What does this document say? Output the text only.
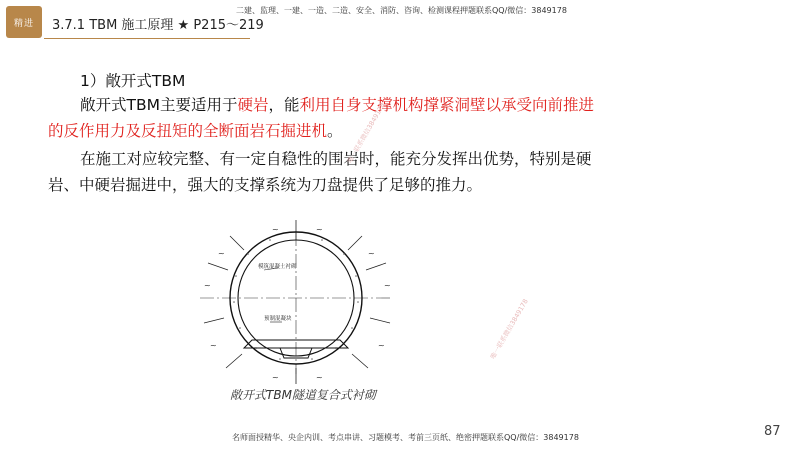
精进 3.7.1 TBM 施工原理 ★ P215～219
二建、监理、一建、一造、二造、安全、消防、咨询、检测课程押题联系QQ/微信：3849178
1）敞开式TBM
敞开式TBM主要适用于硬岩，能利用自身支撑机构撑紧洞壁以承受向前推进的反作用力及反扭矩的全断面岩石掘进机。
在施工对应较完整、有一定自稳性的围岩时，能充分发挥出优势，特别是硬岩、中硬岩掘进中，强大的支撑系统为刀盘提供了足够的推力。
~	~
~	~
~	~
~	~
~	~
模筑混凝土衬砌
预制混凝块
敞开式TBM隧道复合式衬砌
唯一联系微信3849178
唯一联系微信3849178
87
名师面授精华、央企内训、考点串讲、习题模考、考前三页纸、绝密押题联系QQ/微信：3849178
